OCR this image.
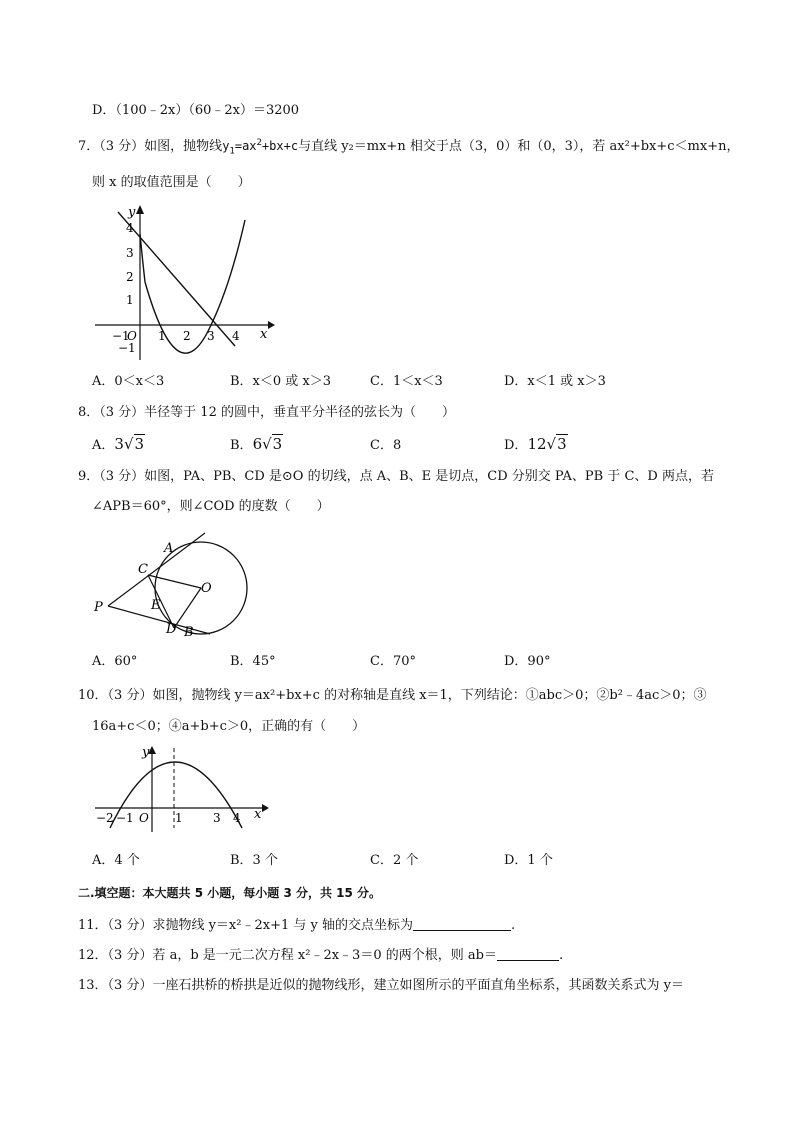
D．（100﹣2x）（60﹣2x）＝3200
7．（3 分）如图，抛物线$y_1=ax^2+bx+c$与直线 y₂＝mx+n 相交于点（3，0）和（0，3），若 ax²+bx+c＜mx+n，
则 x 的取值范围是（　　）
−1
O 1 2 3 4 x
y
4
3
2
1
−1
A．0＜x＜3	B．x＜0 或 x＞3	C．1＜x＜3	D．x＜1 或 x＞3
8．（3 分）半径等于 12 的圆中，垂直平分半径的弦长为（　　）
A．3√3	B．6√3	C．8	D．12√3
9．（3 分）如图，PA、PB、CD 是⊙O 的切线，点 A、B、E 是切点，CD 分别交 PA、PB 于 C、D 两点，若
∠APB＝60°，则∠COD 的度数（　　）
A
C
O
P	E
D B
A．60°	B．45°	C．70°	D．90°
10．（3 分）如图，抛物线 y＝ax²+bx+c 的对称轴是直线 x＝1，下列结论：①abc＞0；②b²﹣4ac＞0；③
16a+c＜0；④a+b+c＞0，正确的有（　　）
−2 −1 O 1	3 4 x
y
A．4 个	B．3 个	C．2 个	D．1 个
二.填空题：本大题共 5 小题，每小题 3 分，共 15 分。
11．（3 分）求抛物线 y＝x²﹣2x+1 与 y 轴的交点坐标为	.
12．（3 分）若 a，b 是一元二次方程 x²﹣2x﹣3＝0 的两个根，则 ab＝	.
13．（3 分）一座石拱桥的桥拱是近似的抛物线形，建立如图所示的平面直角坐标系，其函数关系式为 y＝
